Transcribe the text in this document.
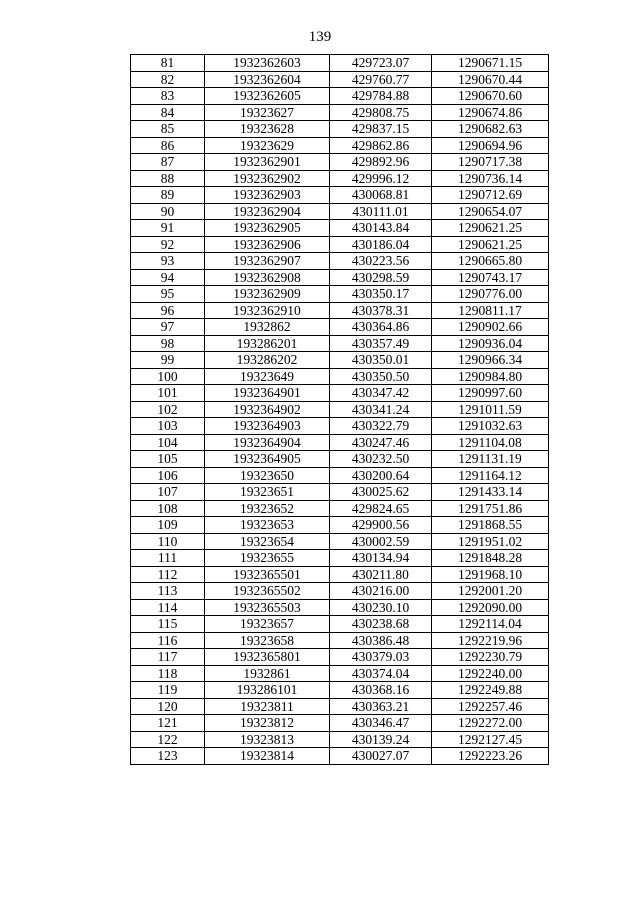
139
81	1932362603	429723.07	1290671.15
82	1932362604	429760.77	1290670.44
83	1932362605	429784.88	1290670.60
84	19323627	429808.75	1290674.86
85	19323628	429837.15	1290682.63
86	19323629	429862.86	1290694.96
87	1932362901	429892.96	1290717.38
88	1932362902	429996.12	1290736.14
89	1932362903	430068.81	1290712.69
90	1932362904	430111.01	1290654.07
91	1932362905	430143.84	1290621.25
92	1932362906	430186.04	1290621.25
93	1932362907	430223.56	1290665.80
94	1932362908	430298.59	1290743.17
95	1932362909	430350.17	1290776.00
96	1932362910	430378.31	1290811.17
97	1932862	430364.86	1290902.66
98	193286201	430357.49	1290936.04
99	193286202	430350.01	1290966.34
100	19323649	430350.50	1290984.80
101	1932364901	430347.42	1290997.60
102	1932364902	430341.24	1291011.59
103	1932364903	430322.79	1291032.63
104	1932364904	430247.46	1291104.08
105	1932364905	430232.50	1291131.19
106	19323650	430200.64	1291164.12
107	19323651	430025.62	1291433.14
108	19323652	429824.65	1291751.86
109	19323653	429900.56	1291868.55
110	19323654	430002.59	1291951.02
111	19323655	430134.94	1291848.28
112	1932365501	430211.80	1291968.10
113	1932365502	430216.00	1292001.20
114	1932365503	430230.10	1292090.00
115	19323657	430238.68	1292114.04
116	19323658	430386.48	1292219.96
117	1932365801	430379.03	1292230.79
118	1932861	430374.04	1292240.00
119	193286101	430368.16	1292249.88
120	19323811	430363.21	1292257.46
121	19323812	430346.47	1292272.00
122	19323813	430139.24	1292127.45
123	19323814	430027.07	1292223.26
